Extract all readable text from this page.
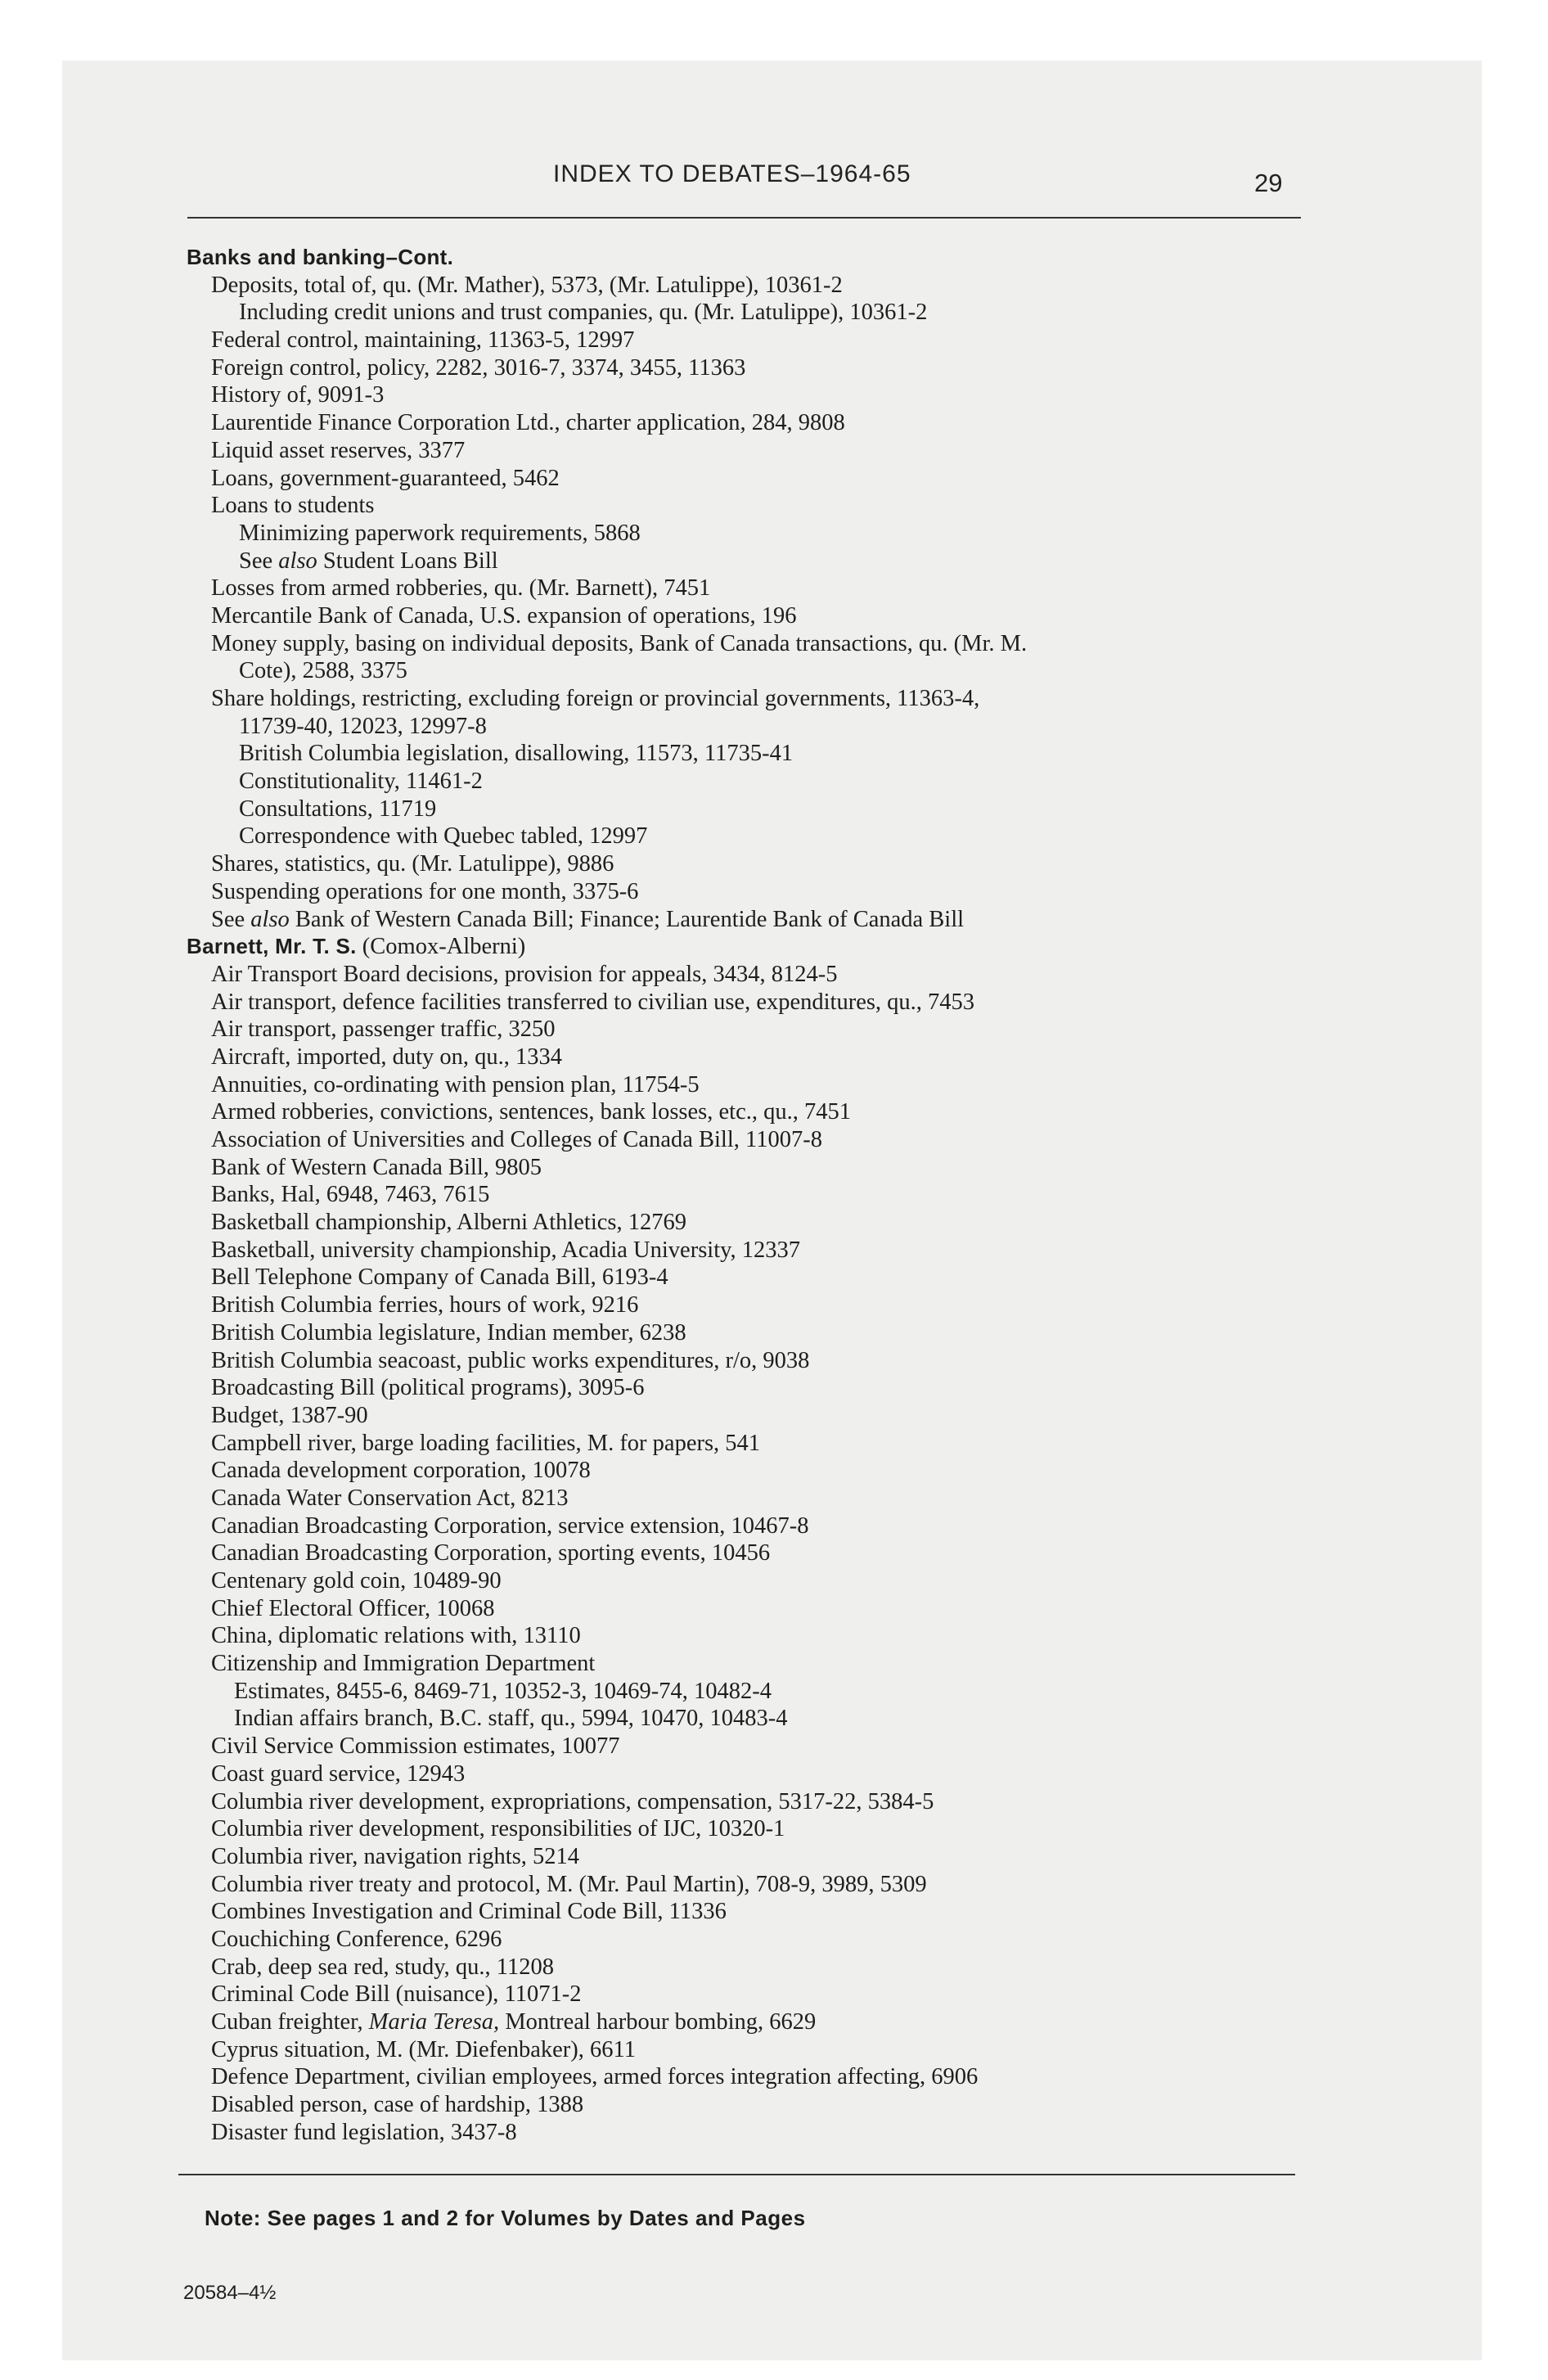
INDEX TO DEBATES–1964-65	29
Banks and banking–Cont.
Deposits, total of, qu. (Mr. Mather), 5373, (Mr. Latulippe), 10361-2
Including credit unions and trust companies, qu. (Mr. Latulippe), 10361-2
Federal control, maintaining, 11363-5, 12997
Foreign control, policy, 2282, 3016-7, 3374, 3455, 11363
History of, 9091-3
Laurentide Finance Corporation Ltd., charter application, 284, 9808
Liquid asset reserves, 3377
Loans, government-guaranteed, 5462
Loans to students
Minimizing paperwork requirements, 5868
See also Student Loans Bill
Losses from armed robberies, qu. (Mr. Barnett), 7451
Mercantile Bank of Canada, U.S. expansion of operations, 196
Money supply, basing on individual deposits, Bank of Canada transactions, qu. (Mr. M.
Cote), 2588, 3375
Share holdings, restricting, excluding foreign or provincial governments, 11363-4,
11739-40, 12023, 12997-8
British Columbia legislation, disallowing, 11573, 11735-41
Constitutionality, 11461-2
Consultations, 11719
Correspondence with Quebec tabled, 12997
Shares, statistics, qu. (Mr. Latulippe), 9886
Suspending operations for one month, 3375-6
See also Bank of Western Canada Bill; Finance; Laurentide Bank of Canada Bill
Barnett, Mr. T. S. (Comox-Alberni)
Air Transport Board decisions, provision for appeals, 3434, 8124-5
Air transport, defence facilities transferred to civilian use, expenditures, qu., 7453
Air transport, passenger traffic, 3250
Aircraft, imported, duty on, qu., 1334
Annuities, co-ordinating with pension plan, 11754-5
Armed robberies, convictions, sentences, bank losses, etc., qu., 7451
Association of Universities and Colleges of Canada Bill, 11007-8
Bank of Western Canada Bill, 9805
Banks, Hal, 6948, 7463, 7615
Basketball championship, Alberni Athletics, 12769
Basketball, university championship, Acadia University, 12337
Bell Telephone Company of Canada Bill, 6193-4
British Columbia ferries, hours of work, 9216
British Columbia legislature, Indian member, 6238
British Columbia seacoast, public works expenditures, r/o, 9038
Broadcasting Bill (political programs), 3095-6
Budget, 1387-90
Campbell river, barge loading facilities, M. for papers, 541
Canada development corporation, 10078
Canada Water Conservation Act, 8213
Canadian Broadcasting Corporation, service extension, 10467-8
Canadian Broadcasting Corporation, sporting events, 10456
Centenary gold coin, 10489-90
Chief Electoral Officer, 10068
China, diplomatic relations with, 13110
Citizenship and Immigration Department
Estimates, 8455-6, 8469-71, 10352-3, 10469-74, 10482-4
Indian affairs branch, B.C. staff, qu., 5994, 10470, 10483-4
Civil Service Commission estimates, 10077
Coast guard service, 12943
Columbia river development, expropriations, compensation, 5317-22, 5384-5
Columbia river development, responsibilities of IJC, 10320-1
Columbia river, navigation rights, 5214
Columbia river treaty and protocol, M. (Mr. Paul Martin), 708-9, 3989, 5309
Combines Investigation and Criminal Code Bill, 11336
Couchiching Conference, 6296
Crab, deep sea red, study, qu., 11208
Criminal Code Bill (nuisance), 11071-2
Cuban freighter, Maria Teresa, Montreal harbour bombing, 6629
Cyprus situation, M. (Mr. Diefenbaker), 6611
Defence Department, civilian employees, armed forces integration affecting, 6906
Disabled person, case of hardship, 1388
Disaster fund legislation, 3437-8
Note: See pages 1 and 2 for Volumes by Dates and Pages
20584–4½
